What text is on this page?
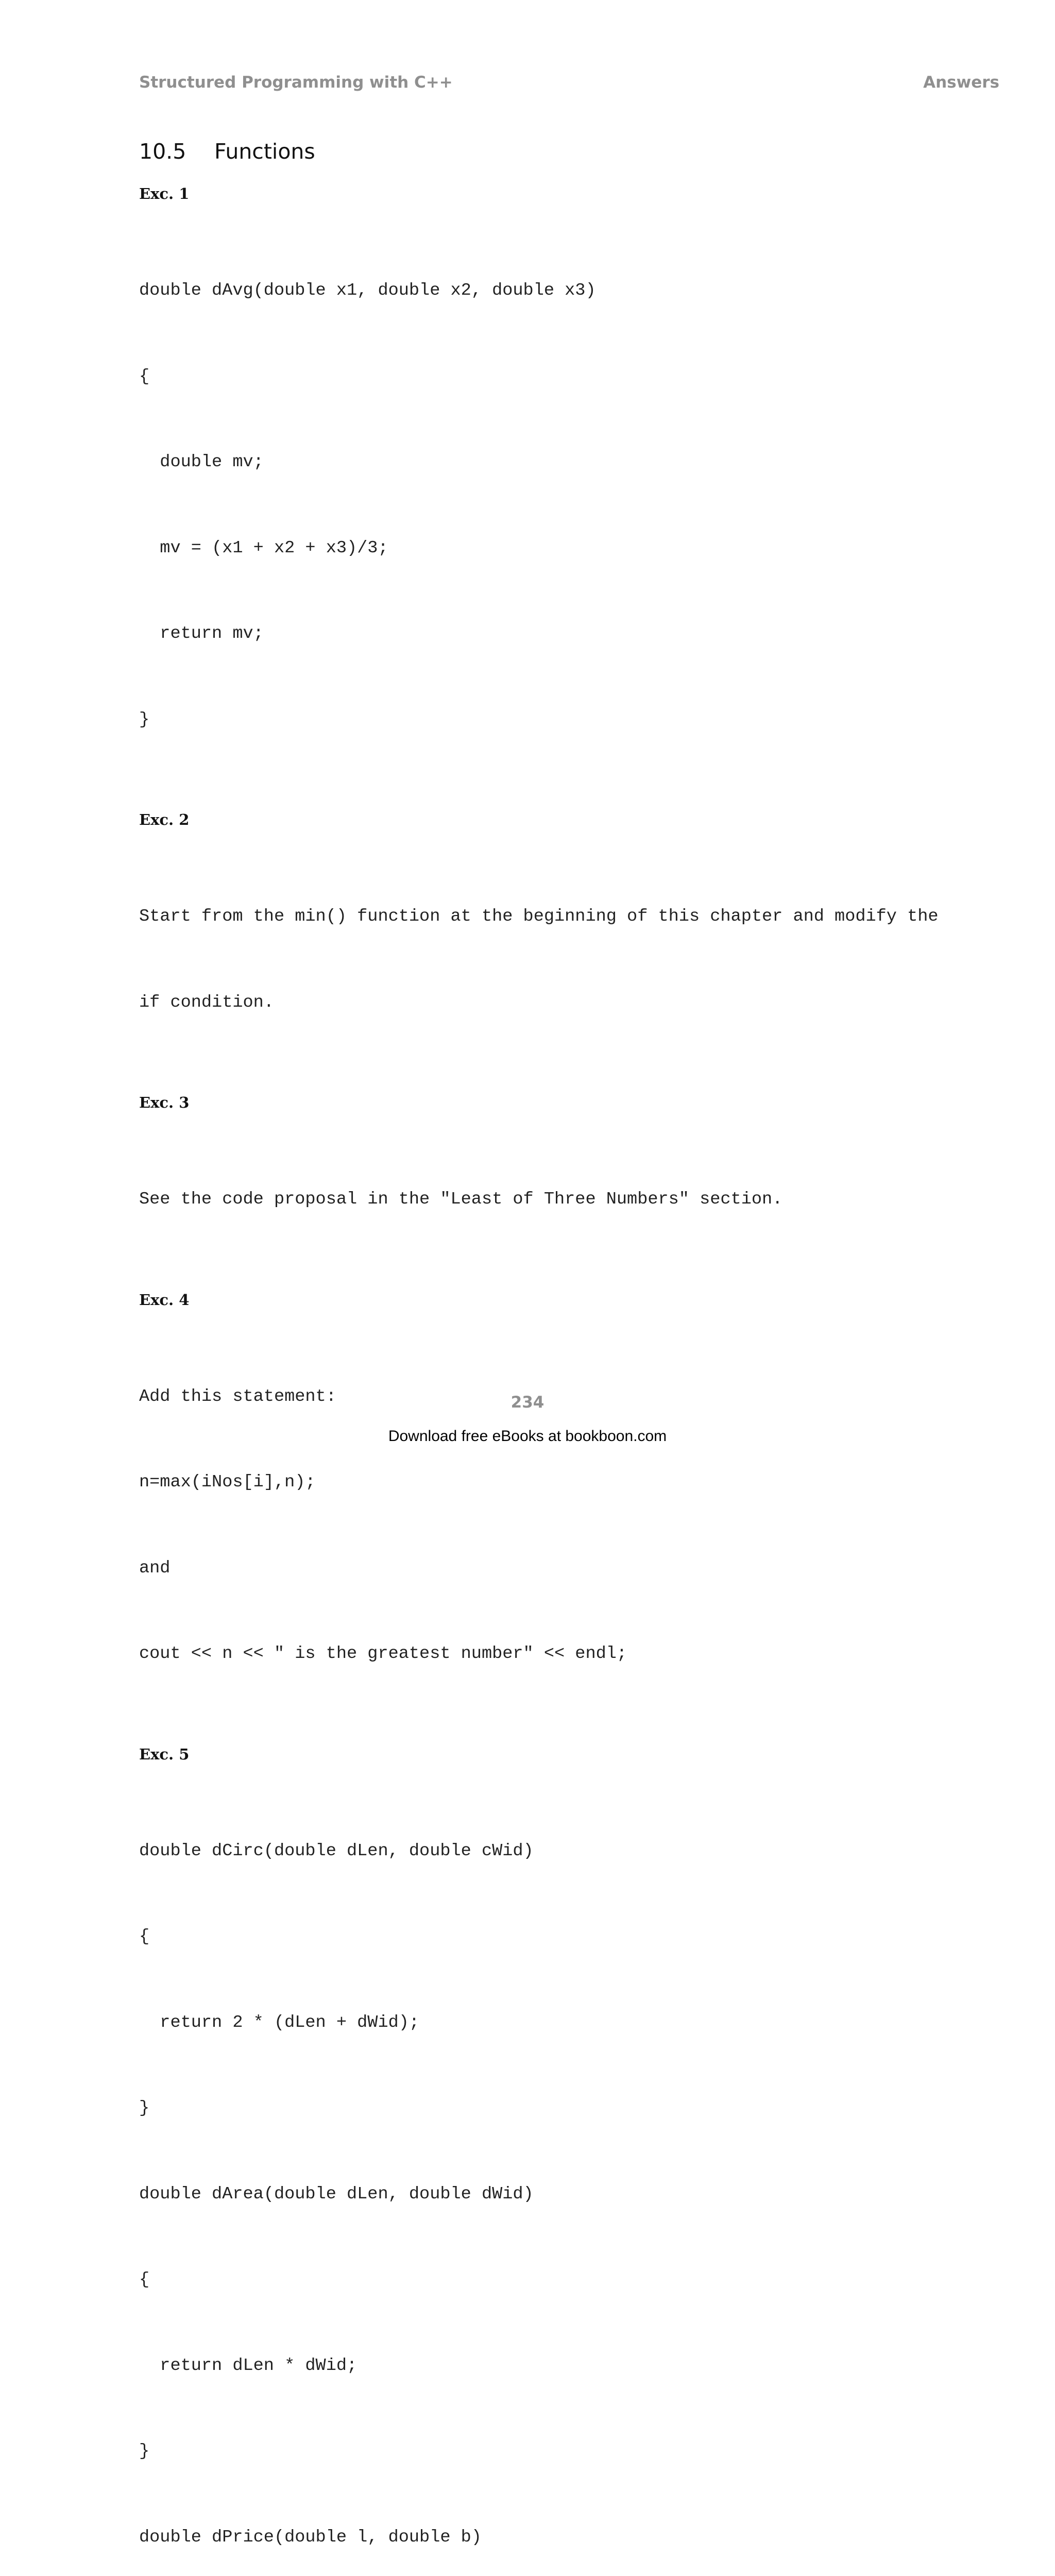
Structured Programming with C++	Answers
10.5	Functions
Exc. 1

double dAvg(double x1, double x2, double x3)

{

double mv;

mv = (x1 + x2 + x3)/3;

return mv;

}

Exc. 2

Start from the min() function at the beginning of this chapter and modify the

if condition.

Exc. 3

See the code proposal in the "Least of Three Numbers" section.

Exc. 4

Add this statement:

n=max(iNos[i],n);

and

cout << n << " is the greatest number" << endl;

Exc. 5

double dCirc(double dLen, double cWid)

{

return 2 * (dLen + dWid);

}

double dArea(double dLen, double dWid)

{

return dLen * dWid;

}

double dPrice(double l, double b)

234
Download free eBooks at bookboon.com
